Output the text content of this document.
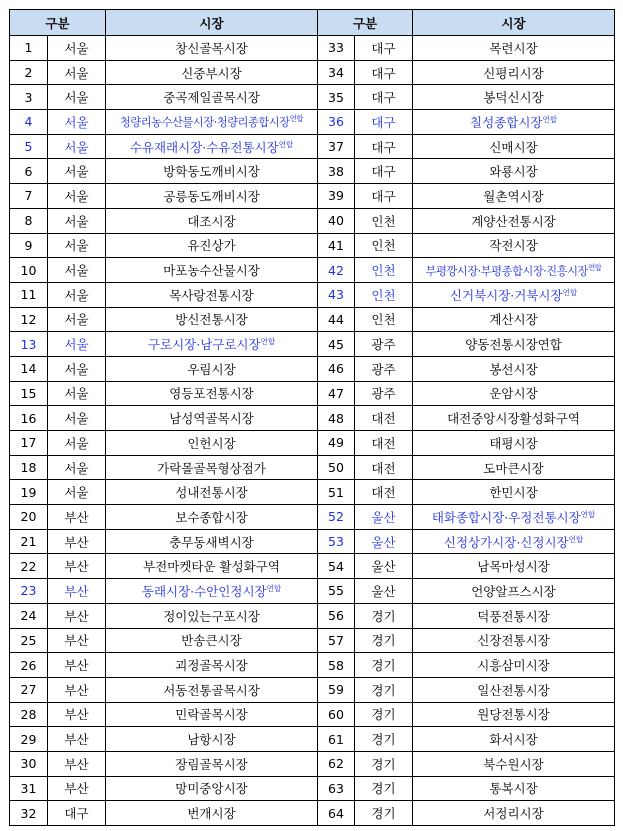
구분		시장	구분		시장
1	서울	창신골목시장	33	대구	목련시장
2	서울	신중부시장	34	대구	신평리시장
3	서울	중곡제일골목시장	35	대구	봉덕신시장
4	서울	청량리농수산물시장·청량리종합시장$^{연합}$	36	대구	칠성종합시장$^{연합}$
5	서울	수유재래시장·수유전통시장$^{연합}$	37	대구	신매시장
6	서울	방학동도깨비시장	38	대구	와룡시장
7	서울	공릉동도깨비시장	39	대구	월촌역시장
8	서울	대조시장	40	인천	계양산전통시장
9	서울	유진상가	41	인천	작전시장
10	서울	마포농수산물시장	42	인천	부평깡시장·부평종합시장·진흥시장$^{연합}$
11	서울	목사랑전통시장	43	인천	신거북시장·거북시장$^{연합}$
12	서울	방신전통시장	44	인천	계산시장
13	서울	구로시장·남구로시장$^{연합}$	45	광주	양동전통시장연합
14	서울	우림시장	46	광주	봉선시장
15	서울	영등포전통시장	47	광주	운암시장
16	서울	남성역골목시장	48	대전	대전중앙시장활성화구역
17	서울	인헌시장	49	대전	태평시장
18	서울	가락몰골목형상점가	50	대전	도마큰시장
19	서울	성내전통시장	51	대전	한민시장
20	부산	보수종합시장	52	울산	태화종합시장·우정전통시장$^{연합}$
21	부산	충무동새벽시장	53	울산	신정상가시장·신정시장$^{연합}$
22	부산	부전마켓타운 활성화구역	54	울산	남목마성시장
23	부산	동래시장·수안인정시장$^{연합}$	55	울산	언양알프스시장
24	부산	정이있는구포시장	56	경기	덕풍전통시장
25	부산	반송큰시장	57	경기	신장전통시장
26	부산	괴정골목시장	58	경기	시흥삼미시장
27	부산	서동전통골목시장	59	경기	일산전통시장
28	부산	민락골목시장	60	경기	원당전통시장
29	부산	남항시장	61	경기	화서시장
30	부산	장림골목시장	62	경기	북수원시장
31	부산	망미중앙시장	63	경기	통복시장
32	대구	번개시장	64	경기	서정리시장
